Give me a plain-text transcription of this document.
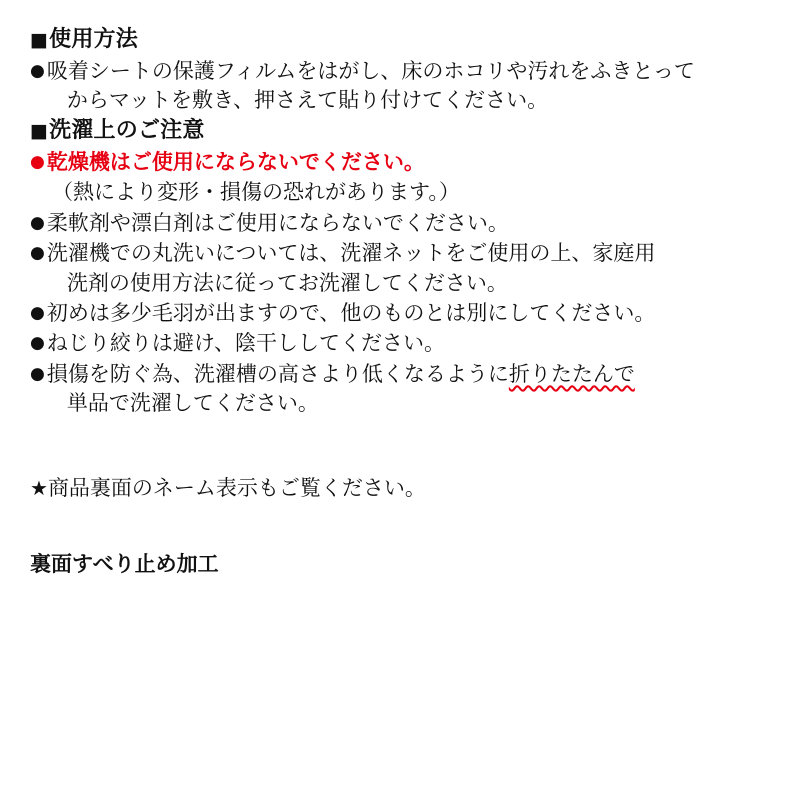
■使用方法
● 吸着シートの保護フィルムをはがし、床のホコリや汚れをふきとって
からマットを敷き、押さえて貼り付けてください。
■洗濯上のご注意
● 乾燥機はご使用にならないでください。
（熱により変形・損傷の恐れがあります。）
● 柔軟剤や漂白剤はご使用にならないでください。
● 洗濯機での丸洗いについては、洗濯ネットをご使用の上、家庭用
洗剤の使用方法に従ってお洗濯してください。
● 初めは多少毛羽が出ますので、他のものとは別にしてください。
● ねじり絞りは避け、陰干ししてください。
● 損傷を防ぐ為、洗濯槽の高さより低くなるように折りたたんで
単品で洗濯してください。
★商品裏面のネーム表示もご覧ください。
裏面すべり止め加工
